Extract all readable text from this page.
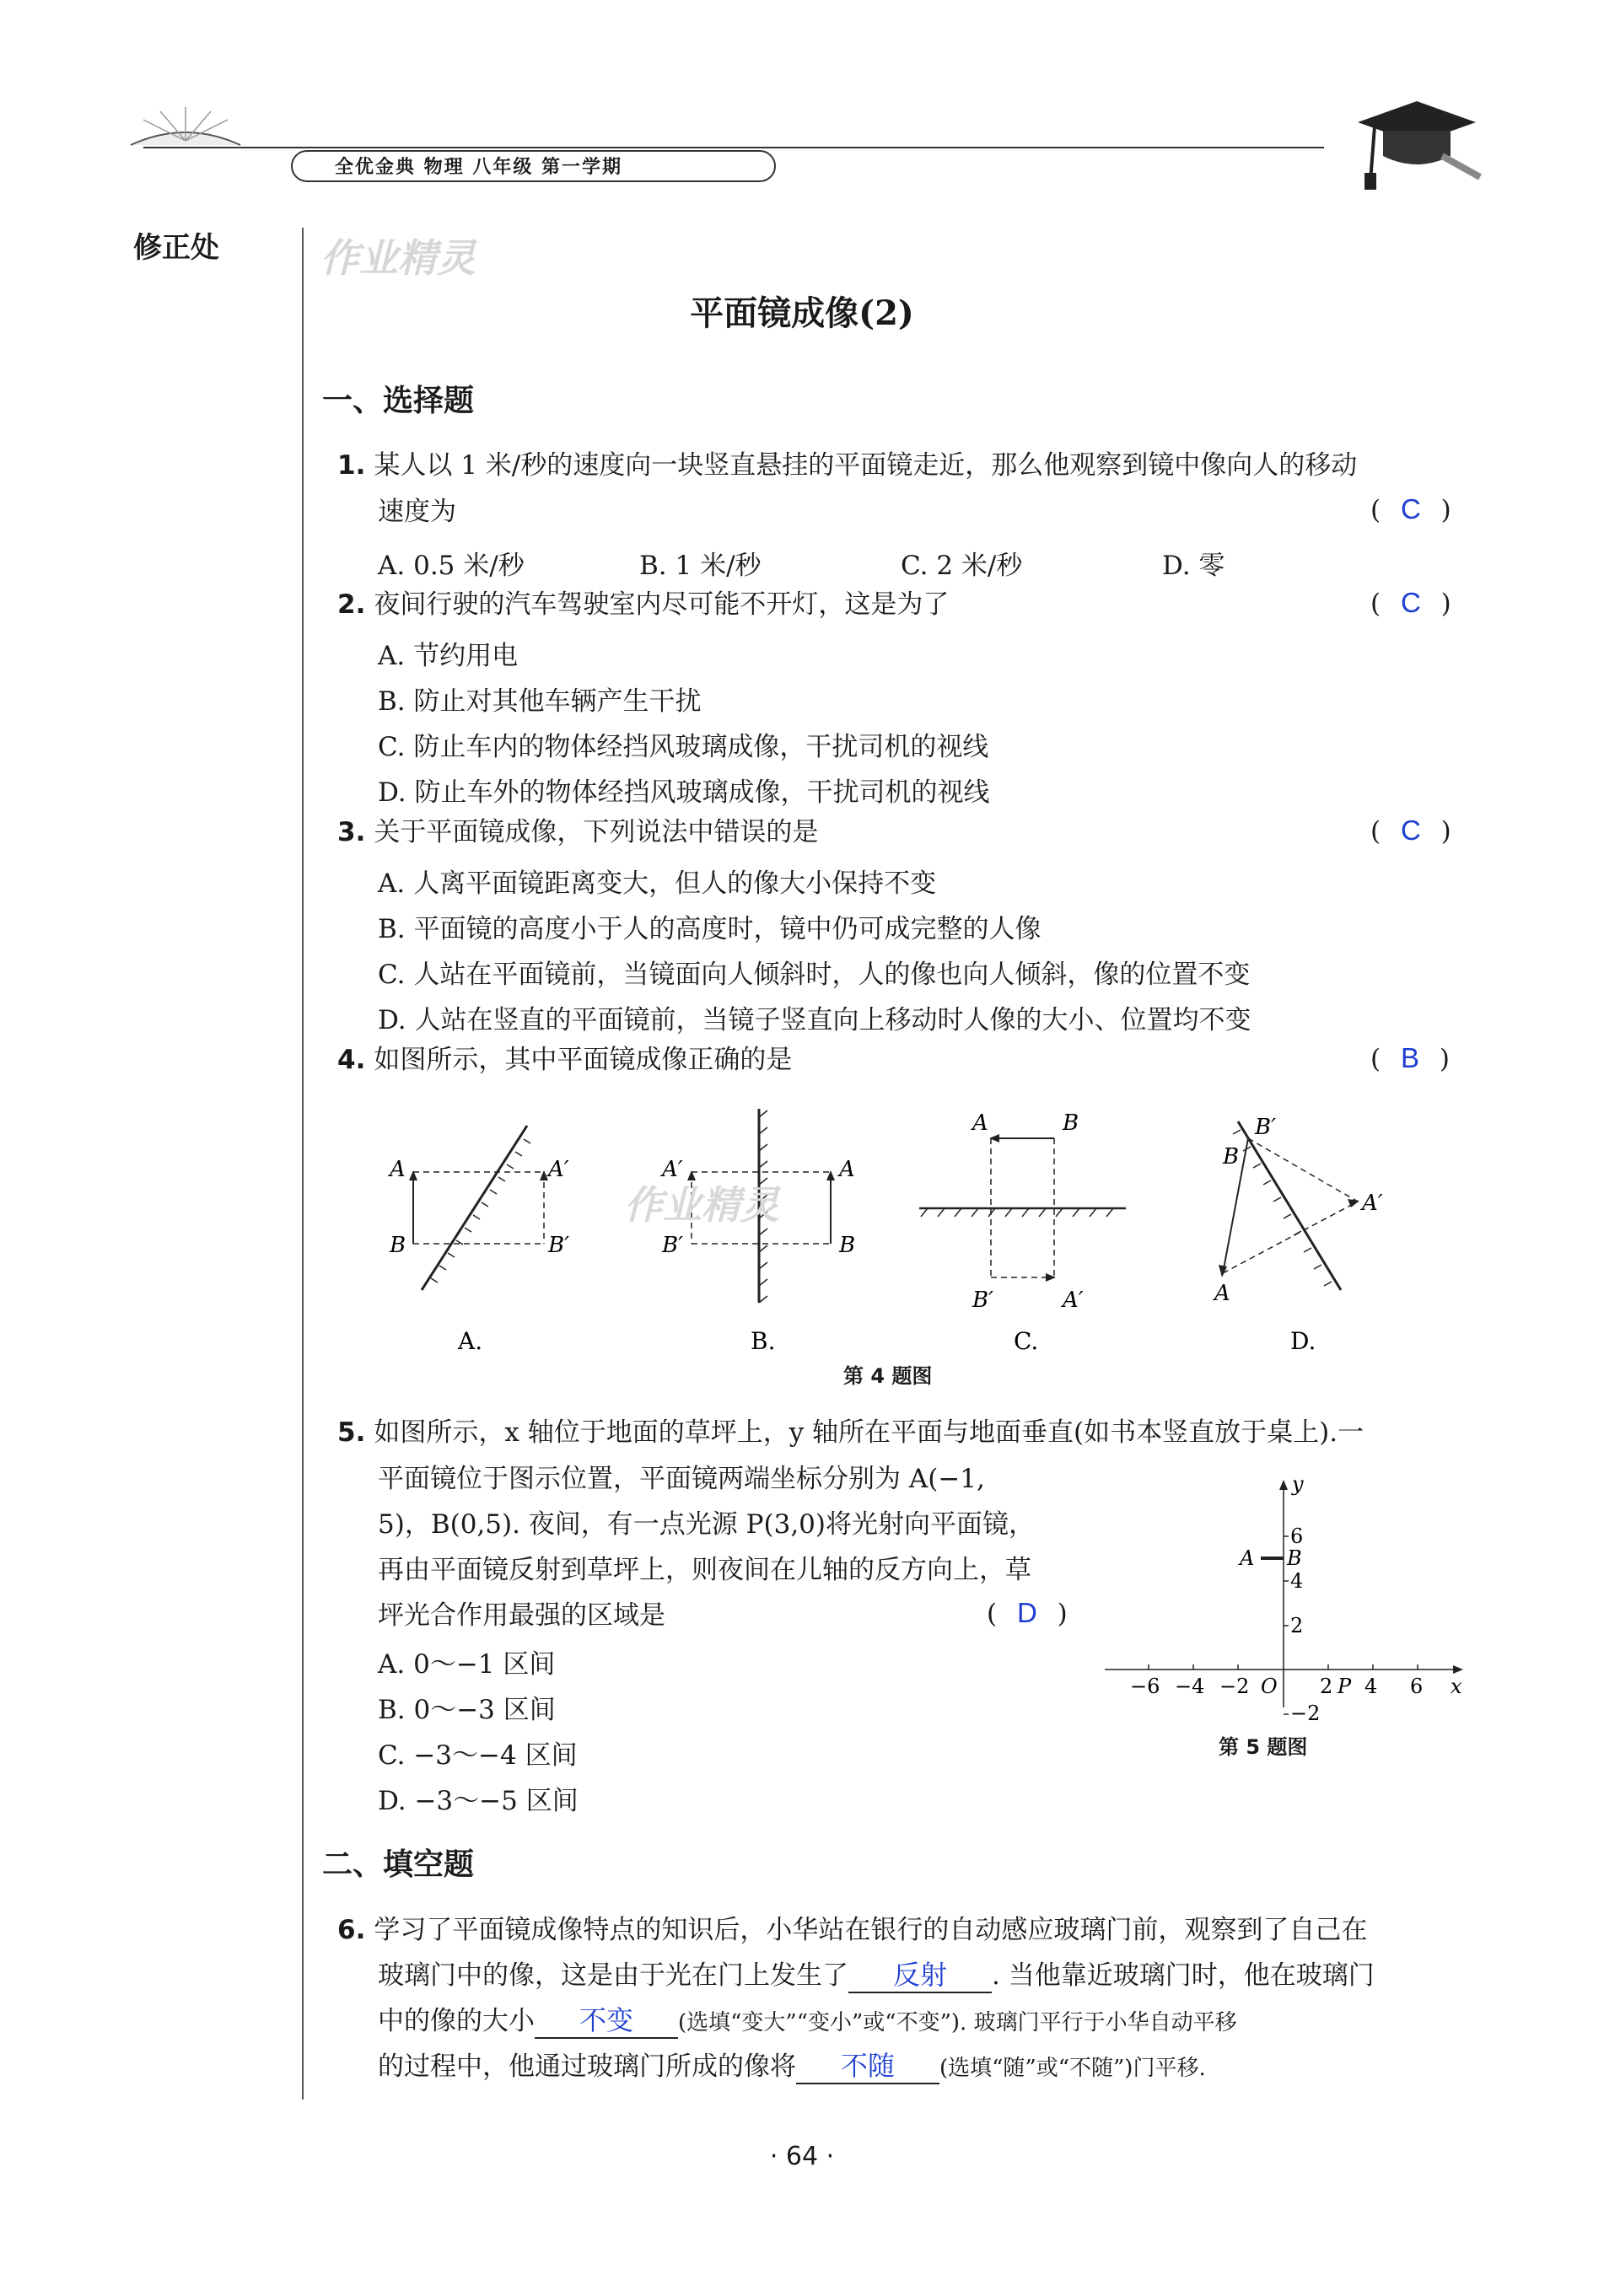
全优金典 物理 八年级 第一学期
修正处	作业精灵
平面镜成像(2)
一、选择题
1. 某人以 1 米/秒的速度向一块竖直悬挂的平面镜走近，那么他观察到镜中像向人的移动
速度为	( C )
A. 0.5 米/秒	B. 1 米/秒	C. 2 米/秒	D. 零
2. 夜间行驶的汽车驾驶室内尽可能不开灯，这是为了	( C )
A. 节约用电
B. 防止对其他车辆产生干扰
C. 防止车内的物体经挡风玻璃成像，干扰司机的视线
D. 防止车外的物体经挡风玻璃成像，干扰司机的视线
3. 关于平面镜成像，下列说法中错误的是	( C )
A. 人离平面镜距离变大，但人的像大小保持不变
B. 平面镜的高度小于人的高度时，镜中仍可成完整的人像
C. 人站在平面镜前，当镜面向人倾斜时，人的像也向人倾斜，像的位置不变
D. 人站在竖直的平面镜前，当镜子竖直向上移动时人像的大小、位置均不变
4. 如图所示，其中平面镜成像正确的是	( B )
A
B
A′
B′
A.
A′
B′
A
B
B.
作业精灵
A	B
B′	A′
C.
B′
B
A′
A
D.
第 4 题图
5. 如图所示，x 轴位于地面的草坪上，y 轴所在平面与地面垂直(如书本竖直放于桌上).一
平面镜位于图示位置，平面镜两端坐标分别为 A(−1,
5)，B(0,5). 夜间，有一点光源 P(3,0)将光射向平面镜，
再由平面镜反射到草坪上，则夜间在儿轴的反方向上，草
坪光合作用最强的区域是	( D )
A. 0～−1 区间
B. 0～−3 区间
C. −3～−4 区间
D. −3～−5 区间
−6 −4 −2 O 2 P 4 6 x
y
6
4
2
−2
A B
第 5 题图
二、填空题
6. 学习了平面镜成像特点的知识后，小华站在银行的自动感应玻璃门前，观察到了自己在
玻璃门中的像，这是由于光在门上发生了 反射 . 当他靠近玻璃门时，他在玻璃门
中的像的大小 不变 (选填“变大”“变小”或“不变”). 玻璃门平行于小华自动平移
的过程中，他通过玻璃门所成的像将 不随 (选填“随”或“不随”)门平移.
· 64 ·
